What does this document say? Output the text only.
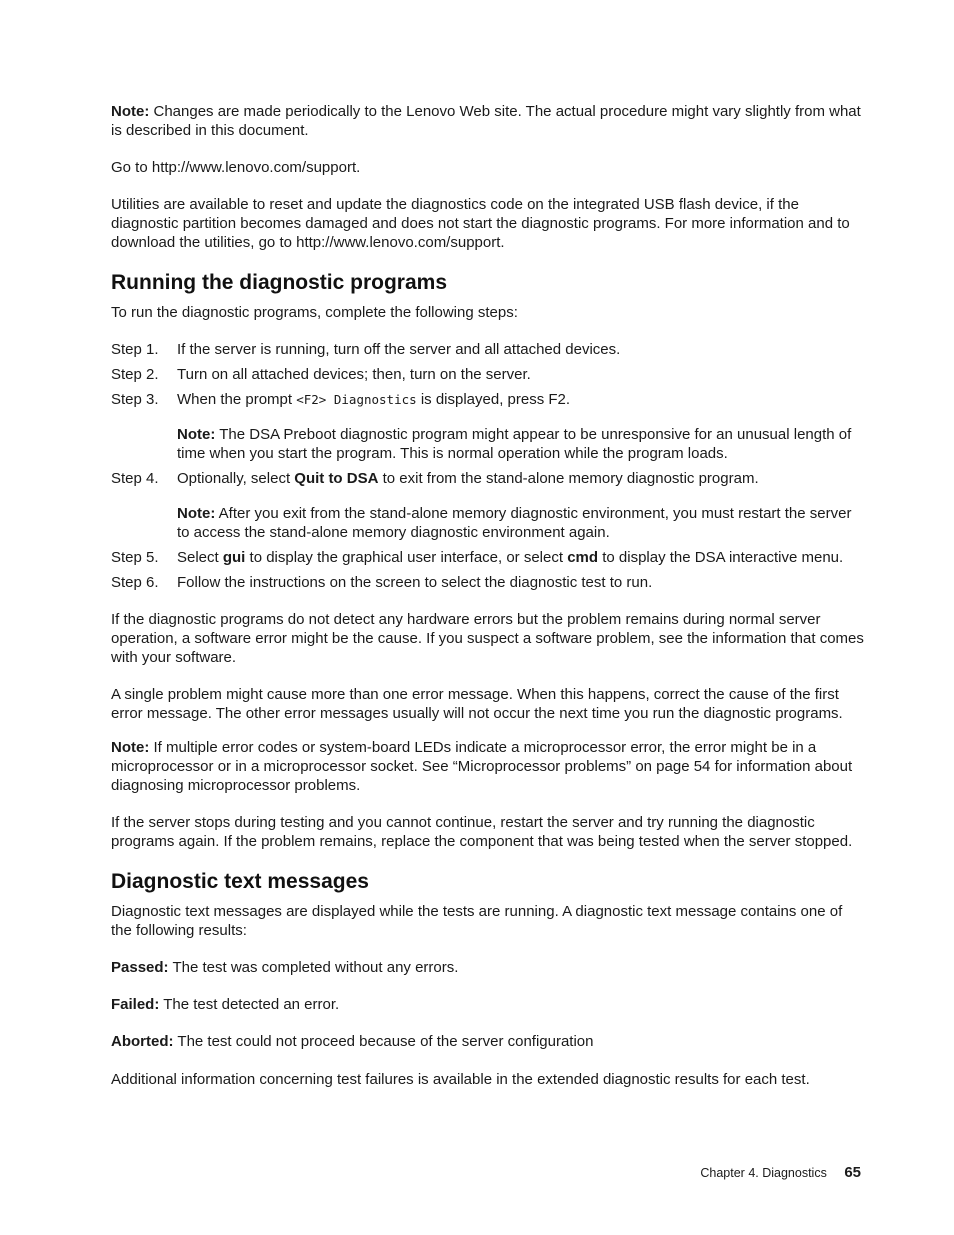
Note: Changes are made periodically to the Lenovo Web site. The actual procedure might vary slightly from what is described in this document.

Go to http://www.lenovo.com/support.

Utilities are available to reset and update the diagnostics code on the integrated USB flash device, if the diagnostic partition becomes damaged and does not start the diagnostic programs. For more information and to download the utilities, go to http://www.lenovo.com/support.

Running the diagnostic programs

To run the diagnostic programs, complete the following steps:

Step 1. If the server is running, turn off the server and all attached devices.
Step 2. Turn on all attached devices; then, turn on the server.
Step 3. When the prompt <F2> Diagnostics is displayed, press F2.

Note: The DSA Preboot diagnostic program might appear to be unresponsive for an unusual length of time when you start the program. This is normal operation while the program loads.

Step 4. Optionally, select Quit to DSA to exit from the stand-alone memory diagnostic program.

Note: After you exit from the stand-alone memory diagnostic environment, you must restart the server to access the stand-alone memory diagnostic environment again.

Step 5. Select gui to display the graphical user interface, or select cmd to display the DSA interactive menu.
Step 6. Follow the instructions on the screen to select the diagnostic test to run.

If the diagnostic programs do not detect any hardware errors but the problem remains during normal server operation, a software error might be the cause. If you suspect a software problem, see the information that comes with your software.

A single problem might cause more than one error message. When this happens, correct the cause of the first error message. The other error messages usually will not occur the next time you run the diagnostic programs.

Note: If multiple error codes or system-board LEDs indicate a microprocessor error, the error might be in a microprocessor or in a microprocessor socket. See “Microprocessor problems” on page 54 for information about diagnosing microprocessor problems.

If the server stops during testing and you cannot continue, restart the server and try running the diagnostic programs again. If the problem remains, replace the component that was being tested when the server stopped.

Diagnostic text messages

Diagnostic text messages are displayed while the tests are running. A diagnostic text message contains one of the following results:

Passed: The test was completed without any errors.

Failed: The test detected an error.

Aborted: The test could not proceed because of the server configuration

Additional information concerning test failures is available in the extended diagnostic results for each test.

Chapter 4. Diagnostics 65
